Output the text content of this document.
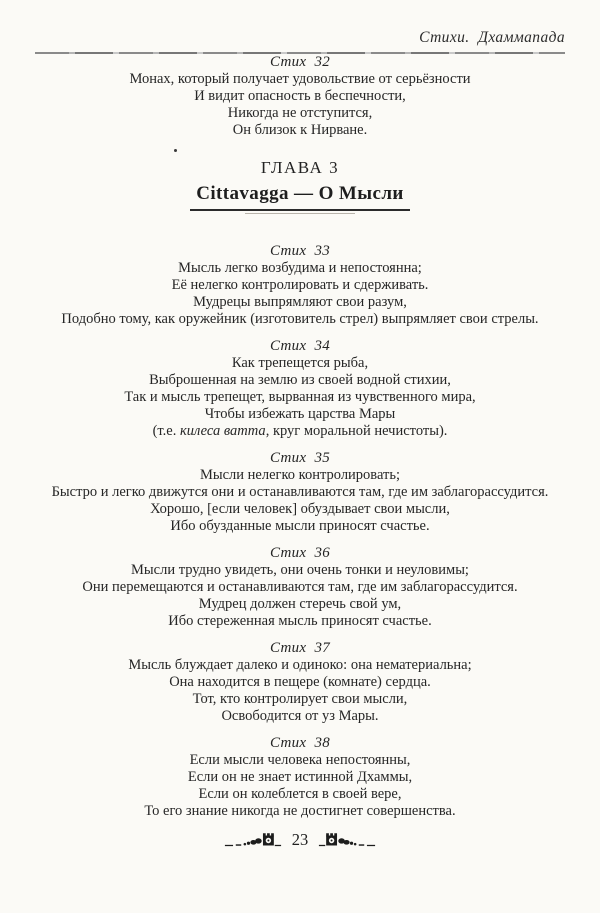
Стихи.  Дхаммапада
Стих  32
Монах, который получает удовольствие от серьёзности
И видит опасность в беспечности,
Никогда не отступится,
Он близок к Нирване.
ГЛАВА 3
Cittavagga — О Мысли
Стих  33
Мысль легко возбудима и непостоянна;
Её нелегко контролировать и сдерживать.
Мудрецы выпрямляют свои разум,
Подобно тому, как оружейник (изготовитель стрел) выпрямляет свои стрелы.
Стих  34
Как трепещется рыба,
Выброшенная на землю из своей водной стихии,
Так и мысль трепещет, вырванная из чувственного мира,
Чтобы избежать царства Мары
(т.е. килеса ватта, круг моральной нечистоты).
Стих  35
Мысли нелегко контролировать;
Быстро и легко движутся они и останавливаются там, где им заблагорассудится.
Хорошо, [если человек] обуздывает свои мысли,
Ибо обузданные мысли приносят счастье.
Стих  36
Мысли трудно увидеть, они очень тонки и неуловимы;
Они перемещаются и останавливаются там, где им заблагорассудится.
Мудрец должен стеречь свой ум,
Ибо стереженная мысль приносят счастье.
Стих  37
Мысль блуждает далеко и одиноко: она нематериальна;
Она находится в пещере (комнате) сердца.
Тот, кто контролирует свои мысли,
Освободится от уз Мары.
Стих  38
Если мысли человека непостоянны,
Если он не знает истинной Дхаммы,
Если он колеблется в своей вере,
То его знание никогда не достигнет совершенства.
23
